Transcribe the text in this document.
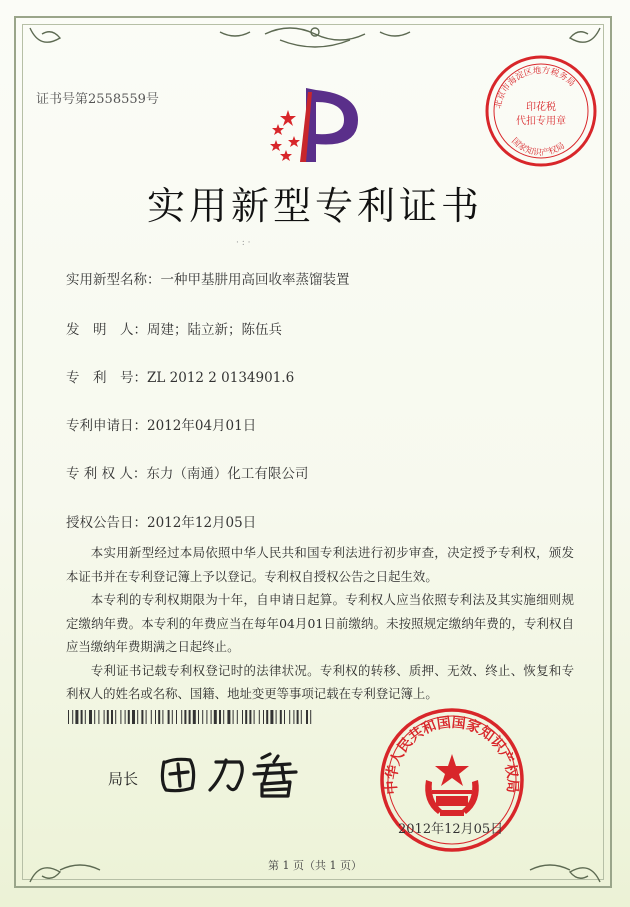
证书号第2558559号	北京市海淀区地方税务局
印花税
代扣专用章
国家知识产权局
实用新型专利证书
· : ·
实用新型名称：一种甲基肼用高回收率蒸馏装置
发　明　人：周建；陆立新；陈伍兵
专　利　号：ZL 2012 2 0134901.6
专利申请日：2012年04月01日
专 利 权 人：东力（南通）化工有限公司
授权公告日：2012年12月05日

本实用新型经过本局依照中华人民共和国专利法进行初步审查，决定授予专利权，颁发本证书并在专利登记簿上予以登记。专利权自授权公告之日起生效。

本专利的专利权期限为十年，自申请日起算。专利权人应当依照专利法及其实施细则规定缴纳年费。本专利的年费应当在每年04月01日前缴纳。未按照规定缴纳年费的，专利权自应当缴纳年费期满之日起终止。

专利证书记载专利权登记时的法律状况。专利权的转移、质押、无效、终止、恢复和专利权人的姓名或名称、国籍、地址变更等事项记载在专利登记簿上。

局长	中华人民共和国国家知识产权局
2012年12月05日
第 1 页（共 1 页）
